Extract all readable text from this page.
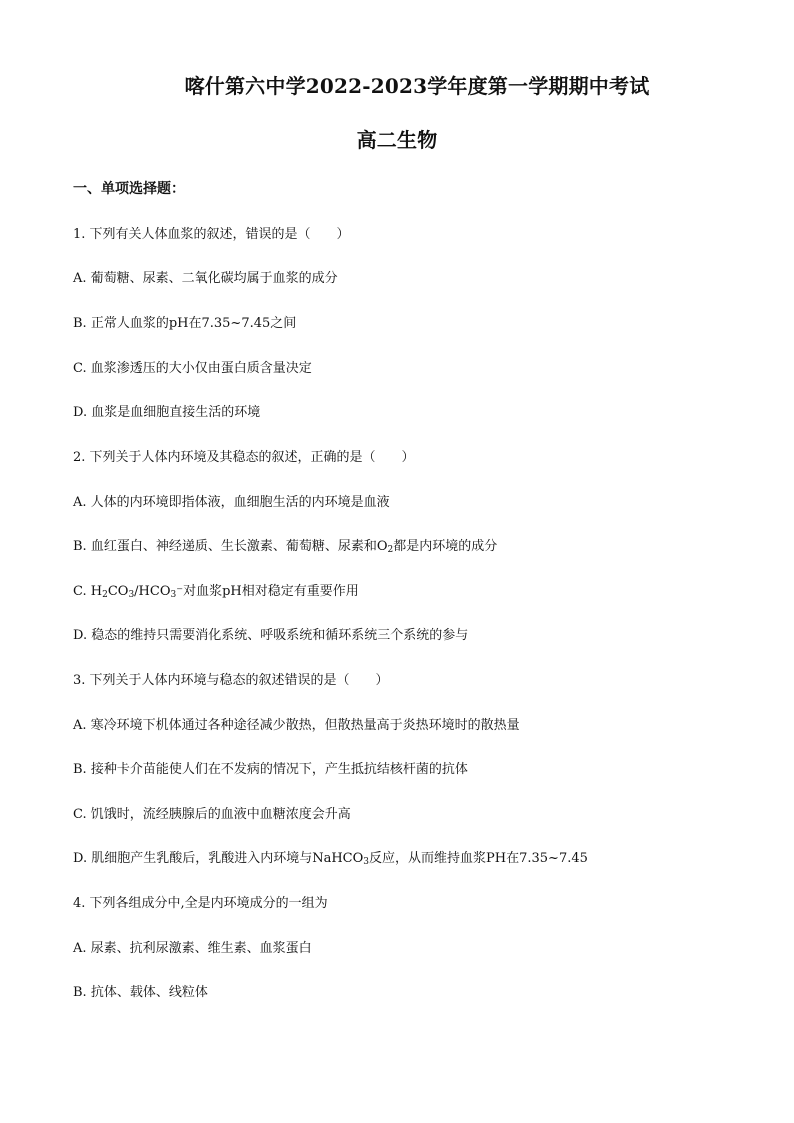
喀什第六中学2022-2023学年度第一学期期中考试
高二生物
一、单项选择题：
1. 下列有关人体血浆的叙述，错误的是（　　）
A. 葡萄糖、尿素、二氧化碳均属于血浆的成分
B. 正常人血浆的pH在7.35~7.45之间
C. 血浆渗透压的大小仅由蛋白质含量决定
D. 血浆是血细胞直接生活的环境
2. 下列关于人体内环境及其稳态的叙述，正确的是（　　）
A. 人体的内环境即指体液，血细胞生活的内环境是血液
B. 血红蛋白、神经递质、生长激素、葡萄糖、尿素和$O_2$都是内环境的成分
C. $H_2CO_3/HCO_3^-$对血浆pH相对稳定有重要作用
D. 稳态的维持只需要消化系统、呼吸系统和循环系统三个系统的参与
3. 下列关于人体内环境与稳态的叙述错误的是（　　）
A. 寒冷环境下机体通过各种途径减少散热，但散热量高于炎热环境时的散热量
B. 接种卡介苗能使人们在不发病的情况下，产生抵抗结核杆菌的抗体
C. 饥饿时，流经胰腺后的血液中血糖浓度会升高
D. 肌细胞产生乳酸后，乳酸进入内环境与NaHCO$_3$反应，从而维持血浆PH在7.35~7.45
4. 下列各组成分中,全是内环境成分的一组为
A. 尿素、抗利尿激素、维生素、血浆蛋白
B. 抗体、载体、线粒体
